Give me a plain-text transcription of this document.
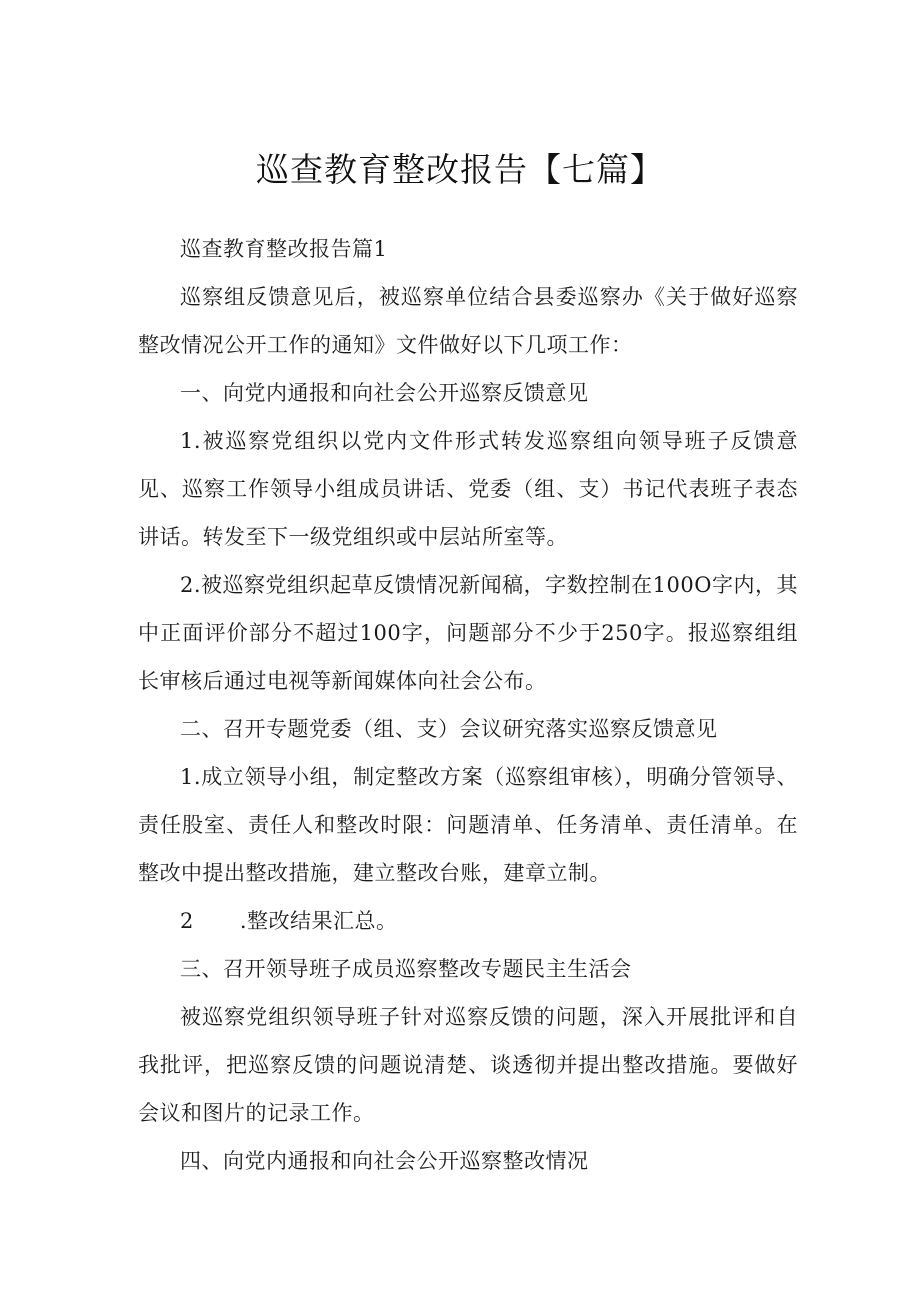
巡查教育整改报告【七篇】

巡查教育整改报告篇1

巡察组反馈意见后，被巡察单位结合县委巡察办《关于做好巡察整改情况公开工作的通知》文件做好以下几项工作：

一、向党内通报和向社会公开巡察反馈意见

1.被巡察党组织以党内文件形式转发巡察组向领导班子反馈意见、巡察工作领导小组成员讲话、党委（组、支）书记代表班子表态讲话。转发至下一级党组织或中层站所室等。

2.被巡察党组织起草反馈情况新闻稿，字数控制在100O字内，其中正面评价部分不超过100字，问题部分不少于250字。报巡察组组长审核后通过电视等新闻媒体向社会公布。

二、召开专题党委（组、支）会议研究落实巡察反馈意见

1.成立领导小组，制定整改方案（巡察组审核），明确分管领导、责任股室、责任人和整改时限：问题清单、任务清单、责任清单。在整改中提出整改措施，建立整改台账，建章立制。

2 .整改结果汇总。

三、召开领导班子成员巡察整改专题民主生活会

被巡察党组织领导班子针对巡察反馈的问题，深入开展批评和自我批评，把巡察反馈的问题说清楚、谈透彻并提出整改措施。要做好会议和图片的记录工作。

四、向党内通报和向社会公开巡察整改情况
